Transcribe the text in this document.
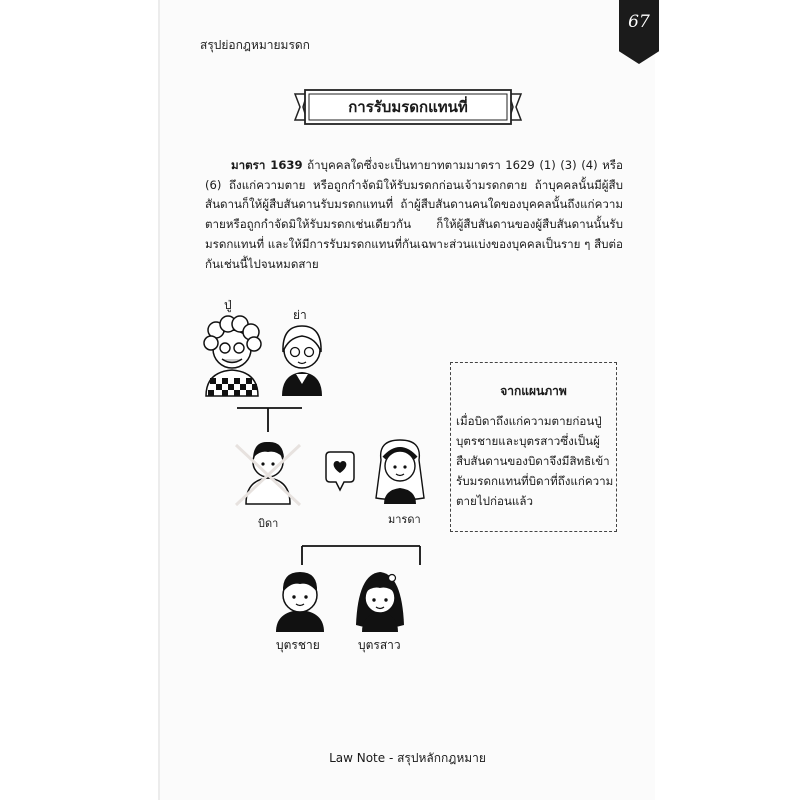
สรุปย่อกฎหมายมรดก
67
การรับมรดกแทนที่
มาตรา 1639 ถ้าบุคคลใดซึ่งจะเป็นทายาทตามมาตรา 1629 (1) (3) (4) หรือ (6) ถึงแก่ความตาย หรือถูกกำจัดมิให้รับมรดกก่อนเจ้ามรดกตาย ถ้าบุคคลนั้นมีผู้สืบสันดานก็ให้ผู้สืบสันดานรับมรดกแทนที่ ถ้าผู้สืบสันดานคนใดของบุคคลนั้นถึงแก่ความตายหรือถูกกำจัดมิให้รับมรดกเช่นเดียวกัน ก็ให้ผู้สืบสันดานของผู้สืบสันดานนั้นรับมรดกแทนที่ และให้มีการรับมรดกแทนที่กันเฉพาะส่วนแบ่งของบุคคลเป็นราย ๆ สืบต่อกันเช่นนี้ไปจนหมดสาย
ปู่
ย่า
บิดา	มารดา
บุตรชาย	บุตรสาว
จากแผนภาพ
เมื่อบิดาถึงแก่ความตายก่อนปู่ บุตรชายและบุตรสาวซึ่งเป็นผู้สืบสันดานของบิดาจึงมีสิทธิเข้ารับมรดกแทนที่บิดาที่ถึงแก่ความตายไปก่อนแล้ว
Law Note - สรุปหลักกฎหมาย
